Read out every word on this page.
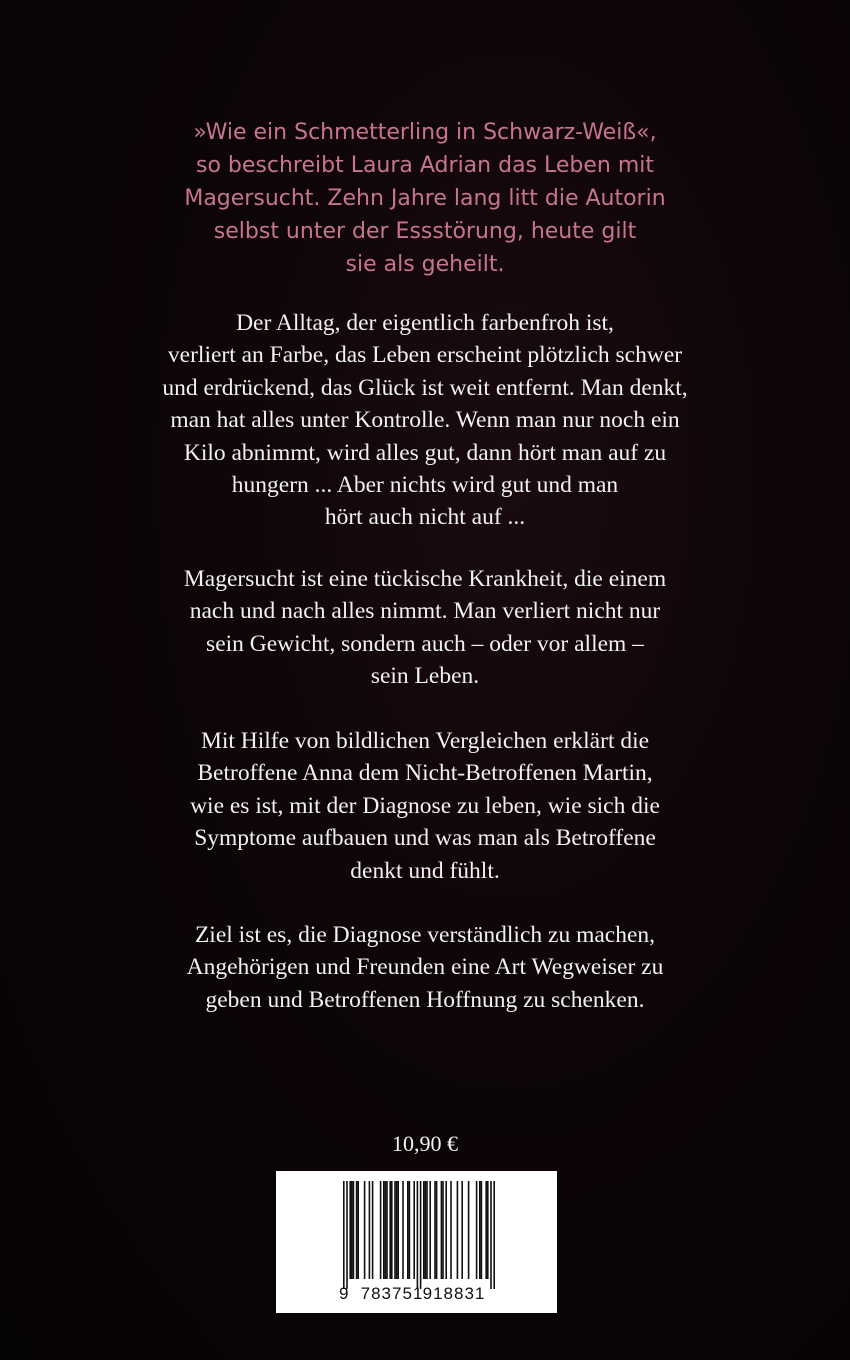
»Wie ein Schmetterling in Schwarz-Weiß«,
so beschreibt Laura Adrian das Leben mit
Magersucht. Zehn Jahre lang litt die Autorin
selbst unter der Essstörung, heute gilt
sie als geheilt.
Der Alltag, der eigentlich farbenfroh ist,
verliert an Farbe, das Leben erscheint plötzlich schwer
und erdrückend, das Glück ist weit entfernt. Man denkt,
man hat alles unter Kontrolle. Wenn man nur noch ein
Kilo abnimmt, wird alles gut, dann hört man auf zu
hungern ... Aber nichts wird gut und man
hört auch nicht auf ...
Magersucht ist eine tückische Krankheit, die einem
nach und nach alles nimmt. Man verliert nicht nur
sein Gewicht, sondern auch – oder vor allem –
sein Leben.
Mit Hilfe von bildlichen Vergleichen erklärt die
Betroffene Anna dem Nicht-Betroffenen Martin,
wie es ist, mit der Diagnose zu leben, wie sich die
Symptome aufbauen und was man als Betroffene
denkt und fühlt.
Ziel ist es, die Diagnose verständlich zu machen,
Angehörigen und Freunden eine Art Wegweiser zu
geben und Betroffenen Hoffnung zu schenken.
10,90 €
9 783751 918831
